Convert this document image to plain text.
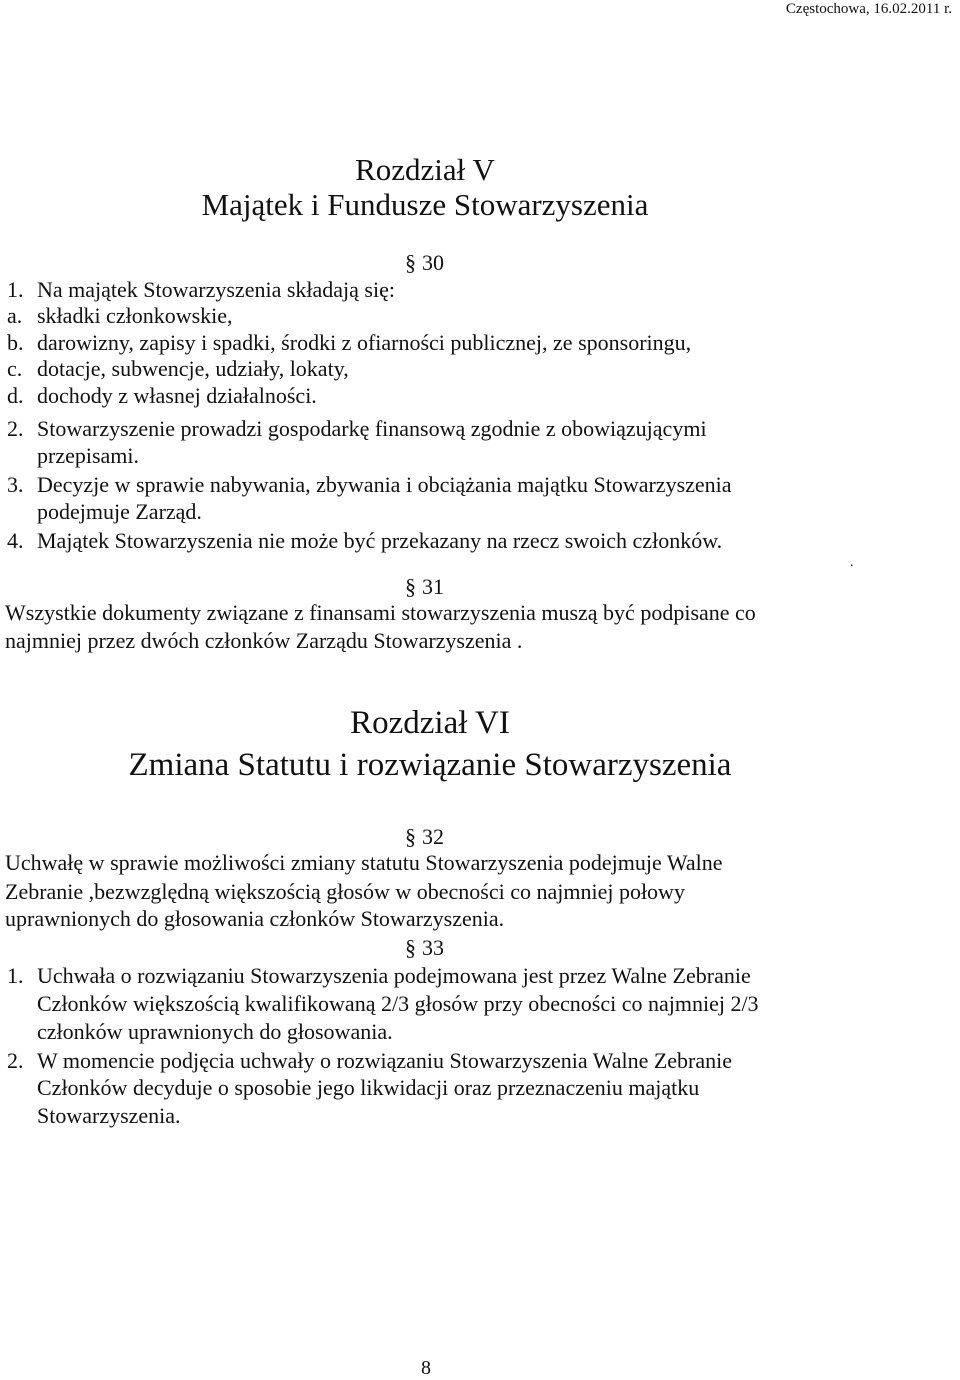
Częstochowa, 16.02.2011 r.
Rozdział V
Majątek i Fundusze Stowarzyszenia
§ 30
1. Na majątek Stowarzyszenia składają się:
a. składki członkowskie,
b. darowizny, zapisy i spadki, środki z ofiarności publicznej, ze sponsoringu,
c. dotacje, subwencje, udziały, lokaty,
d. dochody z własnej działalności.
2. Stowarzyszenie prowadzi gospodarkę finansową zgodnie z obowiązującymi
przepisami.
3. Decyzje w sprawie nabywania, zbywania i obciążania majątku Stowarzyszenia
podejmuje Zarząd.
4. Majątek Stowarzyszenia nie może być przekazany na rzecz swoich członków.
.
§ 31
Wszystkie dokumenty związane z finansami stowarzyszenia muszą być podpisane co
najmniej przez dwóch członków Zarządu Stowarzyszenia .
Rozdział VI
Zmiana Statutu i rozwiązanie Stowarzyszenia
§ 32
Uchwałę w sprawie możliwości zmiany statutu Stowarzyszenia podejmuje Walne
Zebranie ,bezwzględną większością głosów w obecności co najmniej połowy
uprawnionych do głosowania członków Stowarzyszenia.
§ 33
1. Uchwała o rozwiązaniu Stowarzyszenia podejmowana jest przez Walne Zebranie
Członków większością kwalifikowaną 2/3 głosów przy obecności co najmniej 2/3
członków uprawnionych do głosowania.
2. W momencie podjęcia uchwały o rozwiązaniu Stowarzyszenia Walne Zebranie
Członków decyduje o sposobie jego likwidacji oraz przeznaczeniu majątku
Stowarzyszenia.
8
